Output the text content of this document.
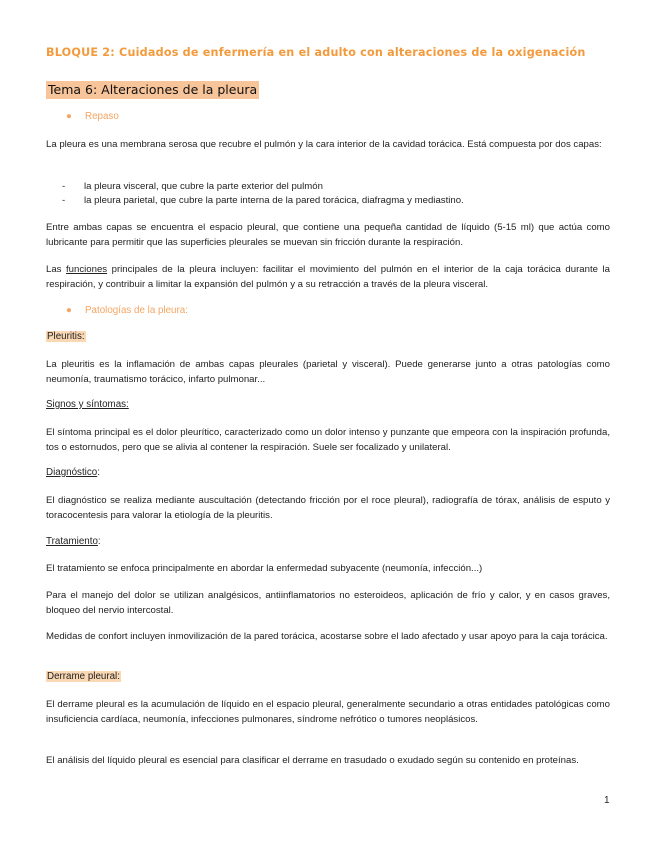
BLOQUE 2: Cuidados de enfermería en el adulto con alteraciones de la oxigenación
Tema 6: Alteraciones de la pleura
● Repaso
La pleura es una membrana serosa que recubre el pulmón y la cara interior de la cavidad torácica. Está compuesta por dos capas:
- la pleura visceral, que cubre la parte exterior del pulmón
- la pleura parietal, que cubre la parte interna de la pared torácica, diafragma y mediastino.
Entre ambas capas se encuentra el espacio pleural, que contiene una pequeña cantidad de líquido (5-15 ml) que actúa como lubricante para permitir que las superficies pleurales se muevan sin fricción durante la respiración.
Las funciones principales de la pleura incluyen: facilitar el movimiento del pulmón en el interior de la caja torácica durante la respiración, y contribuir a limitar la expansión del pulmón y a su retracción a través de la pleura visceral.
● Patologías de la pleura:
Pleuritis:
La pleuritis es la inflamación de ambas capas pleurales (parietal y visceral). Puede generarse junto a otras patologías como neumonía, traumatismo torácico, infarto pulmonar...
Signos y síntomas:
El síntoma principal es el dolor pleurítico, caracterizado como un dolor intenso y punzante que empeora con la inspiración profunda, tos o estornudos, pero que se alivia al contener la respiración. Suele ser focalizado y unilateral.
Diagnóstico:
El diagnóstico se realiza mediante auscultación (detectando fricción por el roce pleural), radiografía de tórax, análisis de esputo y toracocentesis para valorar la etiología de la pleuritis.
Tratamiento:
El tratamiento se enfoca principalmente en abordar la enfermedad subyacente (neumonía, infección...)
Para el manejo del dolor se utilizan analgésicos, antiinflamatorios no esteroideos, aplicación de frío y calor, y en casos graves, bloqueo del nervio intercostal.
Medidas de confort incluyen inmovilización de la pared torácica, acostarse sobre el lado afectado y usar apoyo para la caja torácica.
Derrame pleural:
El derrame pleural es la acumulación de líquido en el espacio pleural, generalmente secundario a otras entidades patológicas como insuficiencia cardíaca, neumonía, infecciones pulmonares, síndrome nefrótico o tumores neoplásicos.
El análisis del líquido pleural es esencial para clasificar el derrame en trasudado o exudado según su contenido en proteínas.
1
